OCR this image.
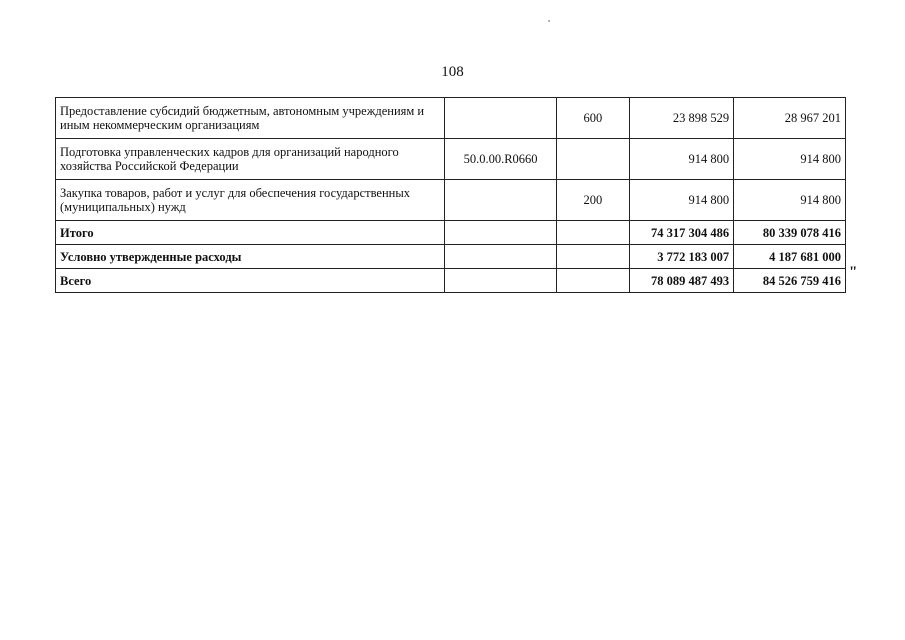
108
Предоставление субсидий бюджетным, автономным учреждениям и иным некоммерческим организациям		600	23 898 529	28 967 201
Подготовка управленческих кадров для организаций народного хозяйства Российской Федерации	50.0.00.R0660		914 800	914 800
Закупка товаров, работ и услуг для обеспечения государственных (муниципальных) нужд		200	914 800	914 800
Итого			74 317 304 486	80 339 078 416
Условно утвержденные расходы			3 772 183 007	4 187 681 000
Всего			78 089 487 493	84 526 759 416
"
